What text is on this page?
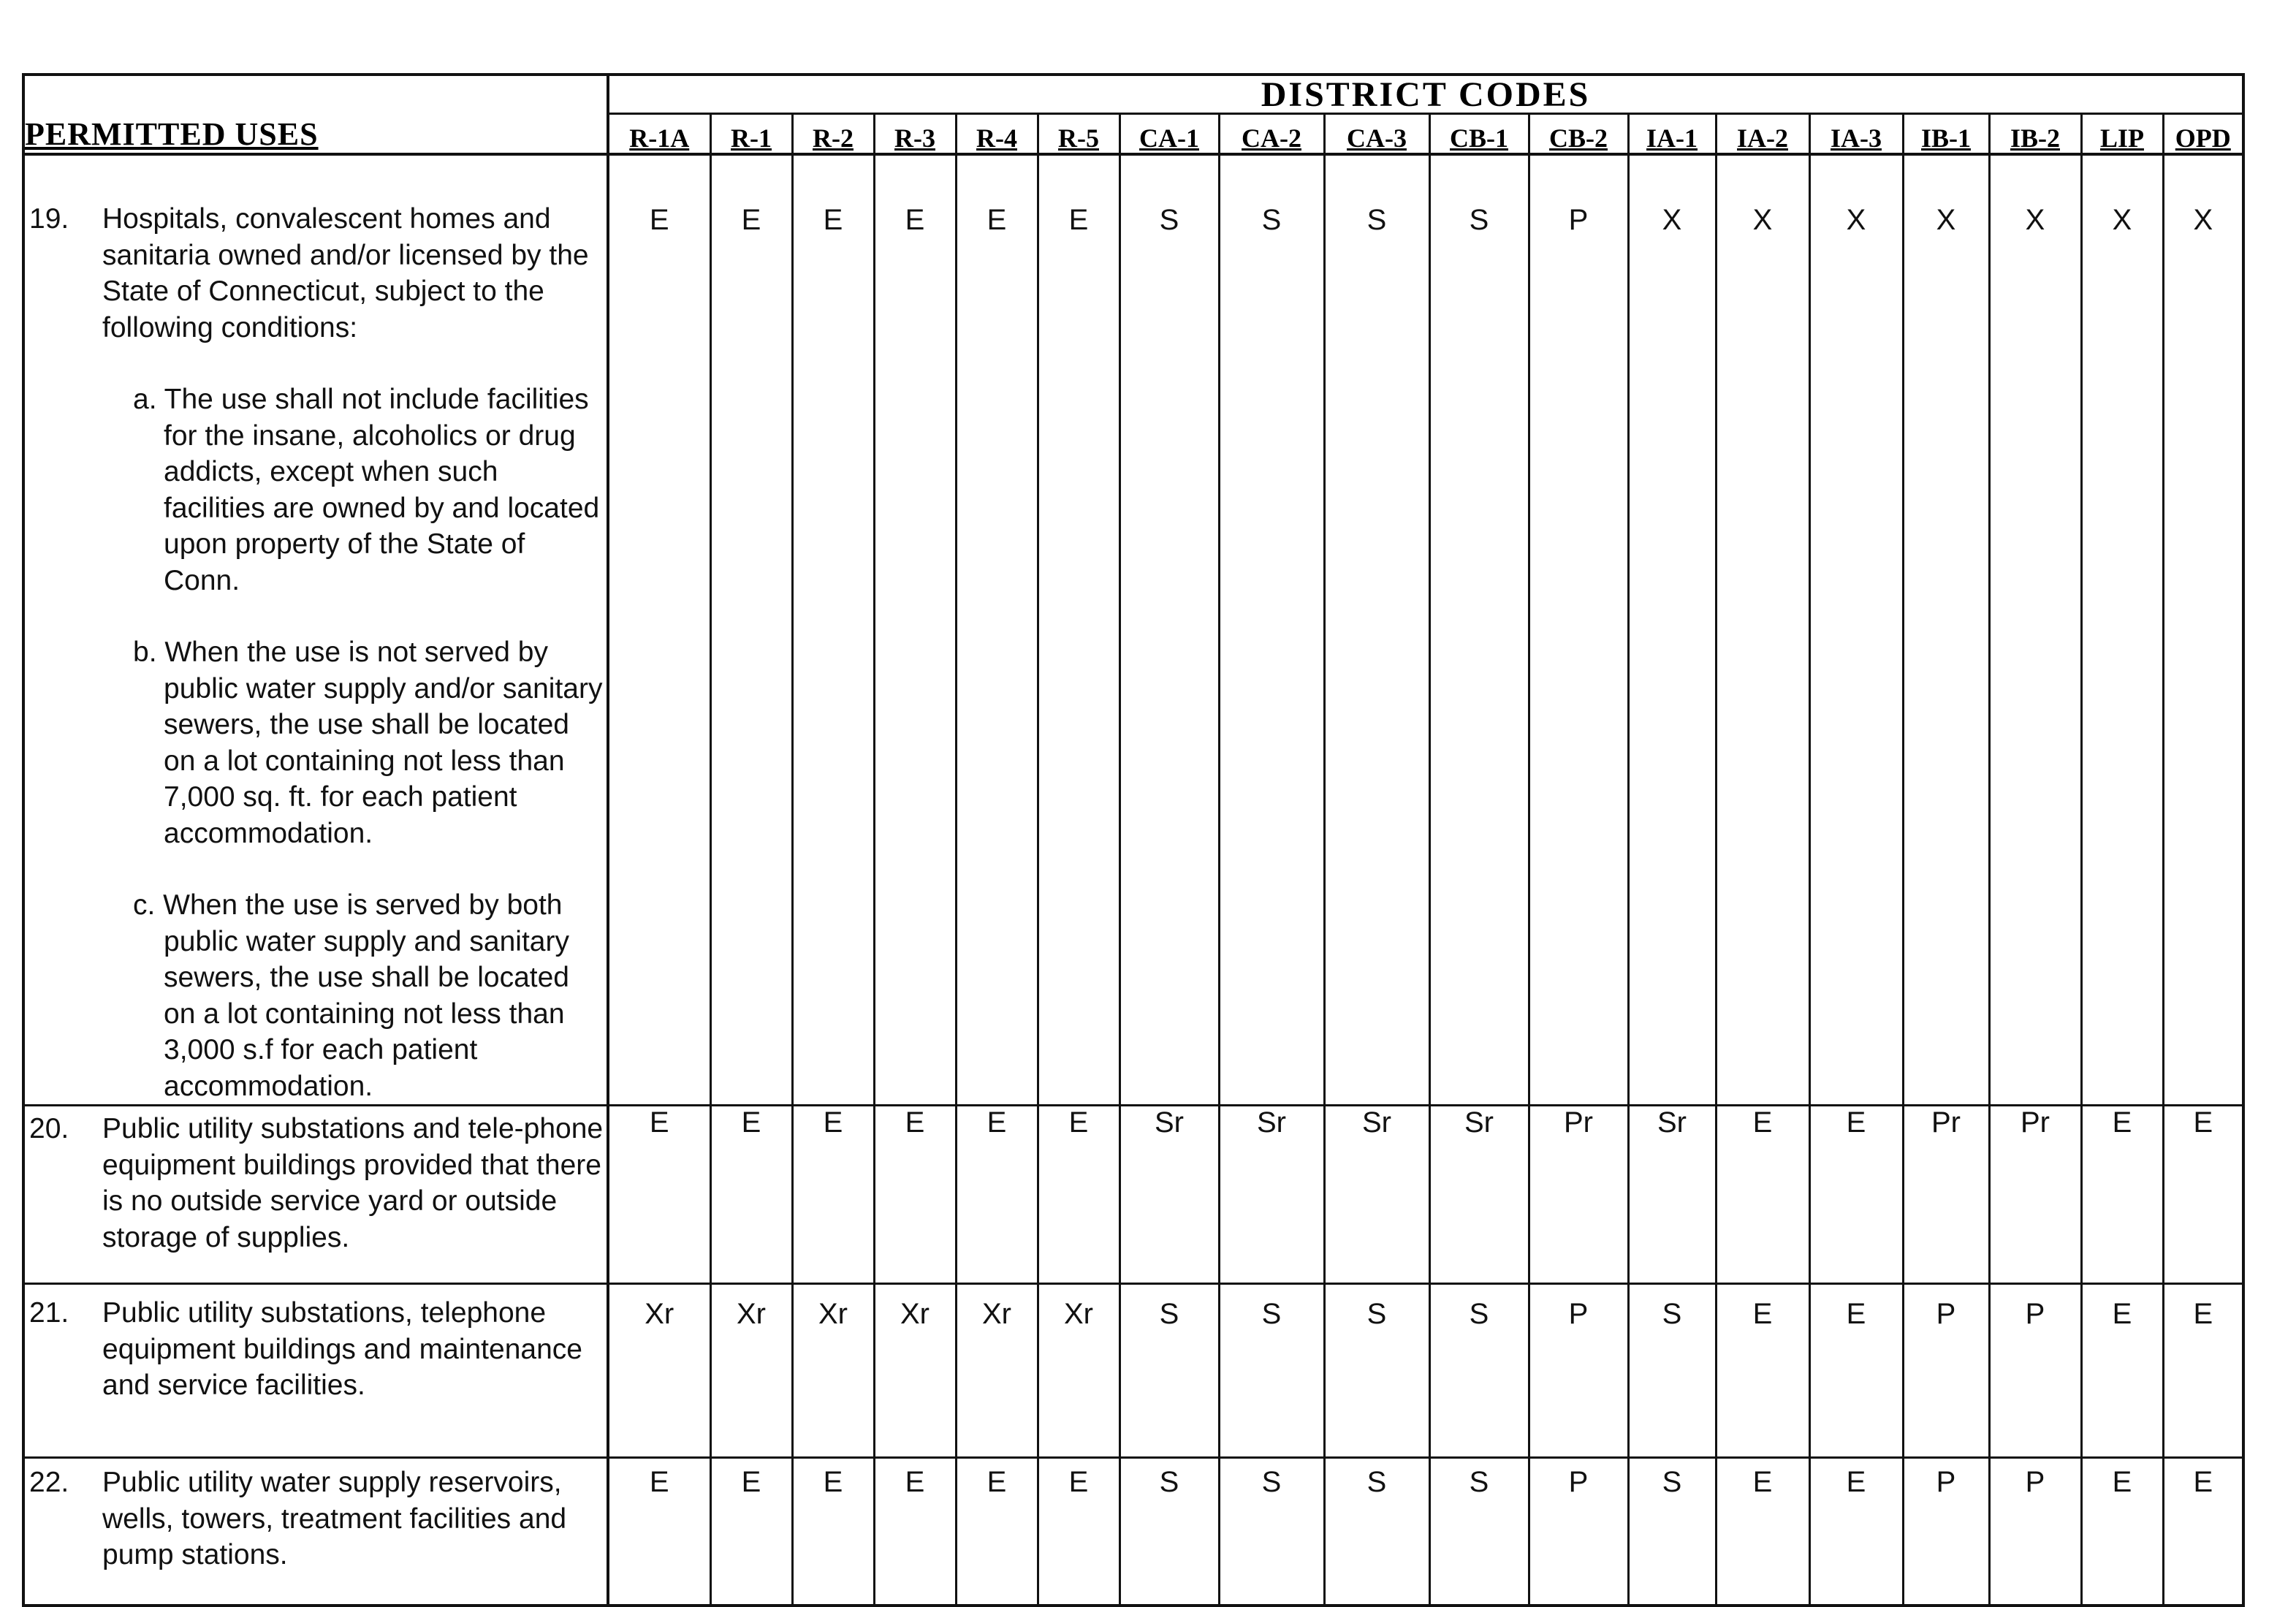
PERMITTED USES	DISTRICT CODES																	
	R-1A	R-1	R-2	R-3	R-4	R-5	CA-1	CA-2	CA-3	CB-1	CB-2	IA-1	IA-2	IA-3	IB-1	IB-2	LIP	OPD

19. Hospitals, convalescent homes and sanitaria owned and/or licensed by the State of Connecticut, subject to the following conditions:
a. The use shall not include facilities for the insane, alcoholics or drug addicts, except when such facilities are owned by and located upon property of the State of Conn.
b. When the use is not served by public water supply and/or sanitary sewers, the use shall be located on a lot containing not less than 7,000 sq. ft. for each patient accommodation.
c. When the use is served by both public water supply and sanitary sewers, the use shall be located on a lot containing not less than 3,000 s.f for each patient accommodation.	E	E	E	E	E	E	S	S	S	S	P	X	X	X	X	X	X	X

20. Public utility substations and tele-phone equipment buildings provided that there is no outside service yard or outside storage of supplies.	E	E	E	E	E	E	Sr	Sr	Sr	Sr	Pr	Sr	E	E	Pr	Pr	E	E

21. Public utility substations, telephone equipment buildings and maintenance and service facilities.	Xr	Xr	Xr	Xr	Xr	Xr	S	S	S	S	P	S	E	E	P	P	E	E

22. Public utility water supply reservoirs, wells, towers, treatment facilities and pump stations.	E	E	E	E	E	E	S	S	S	S	P	S	E	E	P	P	E	E
